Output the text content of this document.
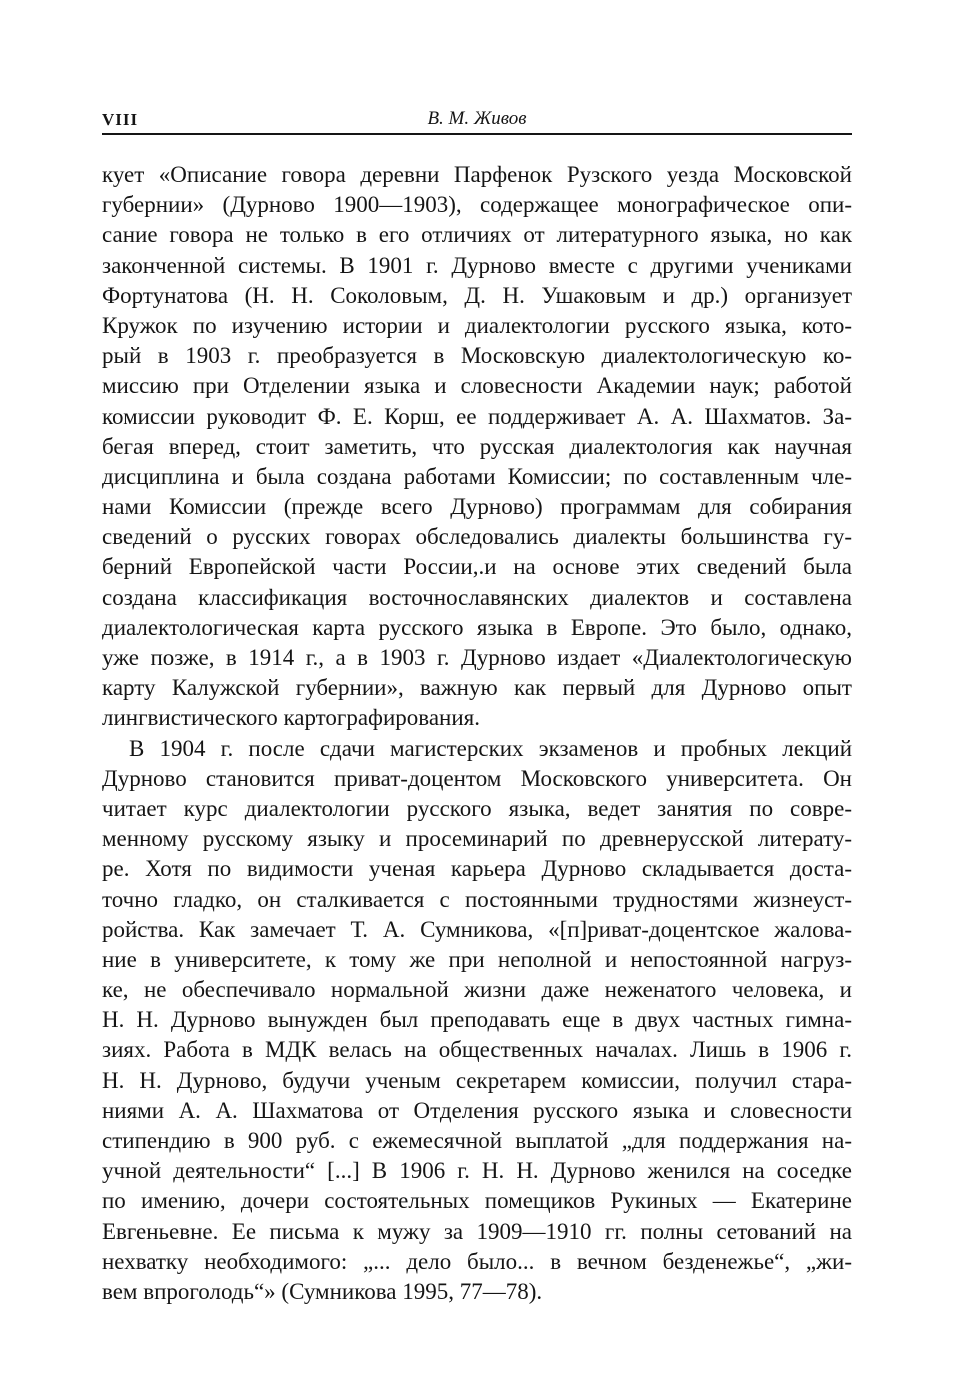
VIII	В. М. Живов
кует «Описание говора деревни Парфенок Рузского уезда Московской
губернии» (Дурново 1900—1903), содержащее монографическое опи-
сание говора не только в его отличиях от литературного языка, но как
законченной системы. В 1901 г. Дурново вместе с другими учениками
Фортунатова (Н. Н. Соколовым, Д. Н. Ушаковым и др.) организует
Кружок по изучению истории и диалектологии русского языка, кото-
рый в 1903 г. преобразуется в Московскую диалектологическую ко-
миссию при Отделении языка и словесности Академии наук; работой
комиссии руководит Ф. Е. Корш, ее поддерживает А. А. Шахматов. За-
бегая вперед, стоит заметить, что русская диалектология как научная
дисциплина и была создана работами Комиссии; по составленным чле-
нами Комиссии (прежде всего Дурново) программам для собирания
сведений о русских говорах обследовались диалекты большинства гу-
берний Европейской части России,.и на основе этих сведений была
создана классификация восточнославянских диалектов и составлена
диалектологическая карта русского языка в Европе. Это было, однако,
уже позже, в 1914 г., а в 1903 г. Дурново издает «Диалектологическую
карту Калужской губернии», важную как первый для Дурново опыт
лингвистического картографирования.
В 1904 г. после сдачи магистерских экзаменов и пробных лекций
Дурново становится приват-доцентом Московского университета. Он
читает курс диалектологии русского языка, ведет занятия по совре-
менному русскому языку и просеминарий по древнерусской литерату-
ре. Хотя по видимости ученая карьера Дурново складывается доста-
точно гладко, он сталкивается с постоянными трудностями жизнеуст-
ройства. Как замечает Т. А. Сумникова, «[п]риват-доцентское жалова-
ние в университете, к тому же при неполной и непостоянной нагруз-
ке, не обеспечивало нормальной жизни даже неженатого человека, и
Н. Н. Дурново вынужден был преподавать еще в двух частных гимна-
зиях. Работа в МДК велась на общественных началах. Лишь в 1906 г.
Н. Н. Дурново, будучи ученым секретарем комиссии, получил стара-
ниями А. А. Шахматова от Отделения русского языка и словесности
стипендию в 900 руб. с ежемесячной выплатой „для поддержания на-
учной деятельности“ [...] В 1906 г. Н. Н. Дурново женился на соседке
по имению, дочери состоятельных помещиков Рукиных — Екатерине
Евгеньевне. Ее письма к мужу за 1909—1910 гг. полны сетований на
нехватку необходимого: „... дело было... в вечном безденежье“, „жи-
вем впроголодь“» (Сумникова 1995, 77—78).
